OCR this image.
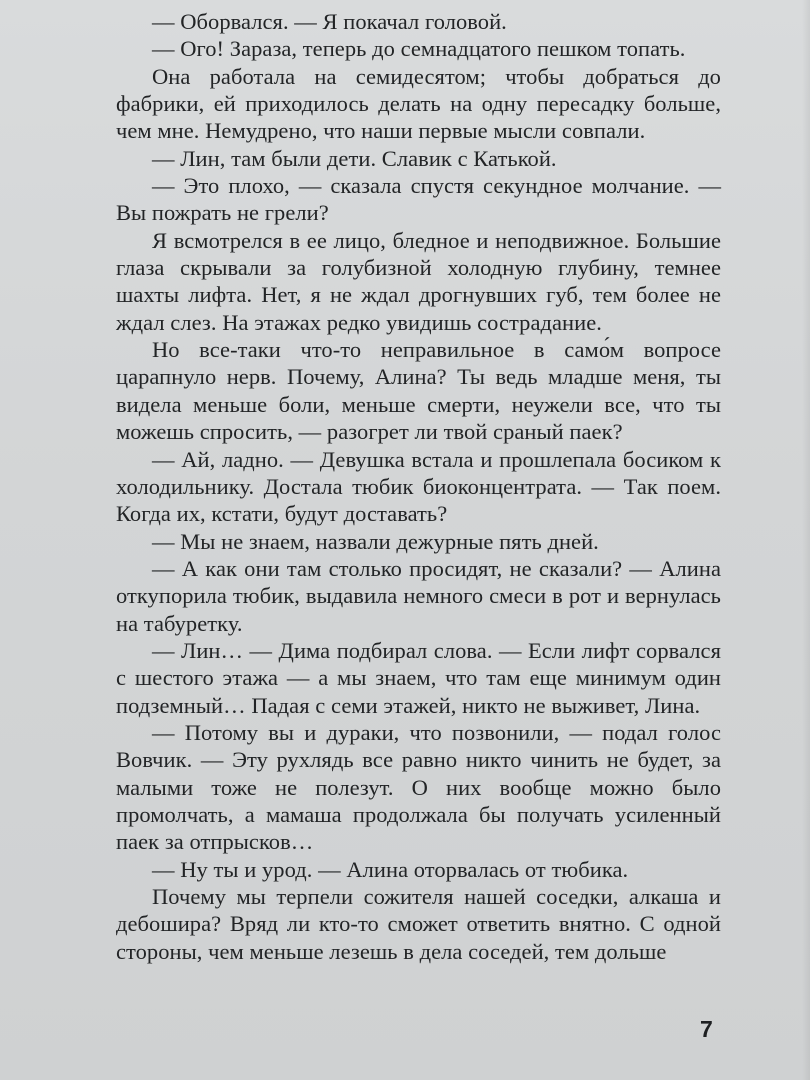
— Оборвался. — Я покачал головой.

— Ого! Зараза, теперь до семнадцатого пешком топать.

Она работала на семидесятом; чтобы добраться до фабрики, ей приходилось делать на одну пересадку больше, чем мне. Немудрено, что наши первые мысли совпали.

— Лин, там были дети. Славик с Катькой.

— Это плохо, — сказала спустя секундное молчание. — Вы пожрать не грели?

Я всмотрелся в ее лицо, бледное и неподвижное. Большие глаза скрывали за голубизной холодную глубину, темнее шахты лифта. Нет, я не ждал дрогнувших губ, тем более не ждал слез. На этажах редко увидишь сострадание.

Но все-таки что-то неправильное в само́м вопросе царапнуло нерв. Почему, Алина? Ты ведь младше меня, ты видела меньше боли, меньше смерти, неужели все, что ты можешь спросить, — разогрет ли твой сраный паек?

— Ай, ладно. — Девушка встала и прошлепала босиком к холодильнику. Достала тюбик биоконцентрата. — Так поем. Когда их, кстати, будут доставать?

— Мы не знаем, назвали дежурные пять дней.

— А как они там столько просидят, не сказали? — Алина откупорила тюбик, выдавила немного смеси в рот и вернулась на табуретку.

— Лин… — Дима подбирал слова. — Если лифт сорвался с шестого этажа — а мы знаем, что там еще минимум один подземный… Падая с семи этажей, никто не выживет, Лина.

— Потому вы и дураки, что позвонили, — подал голос Вовчик. — Эту рухлядь все равно никто чинить не будет, за малыми тоже не полезут. О них вообще можно было промолчать, а мамаша продолжала бы получать усиленный паек за отпрысков…

— Ну ты и урод. — Алина оторвалась от тюбика.

Почему мы терпели сожителя нашей соседки, алкаша и дебошира? Вряд ли кто-то сможет ответить внятно. С одной стороны, чем меньше лезешь в дела соседей, тем дольше

7
